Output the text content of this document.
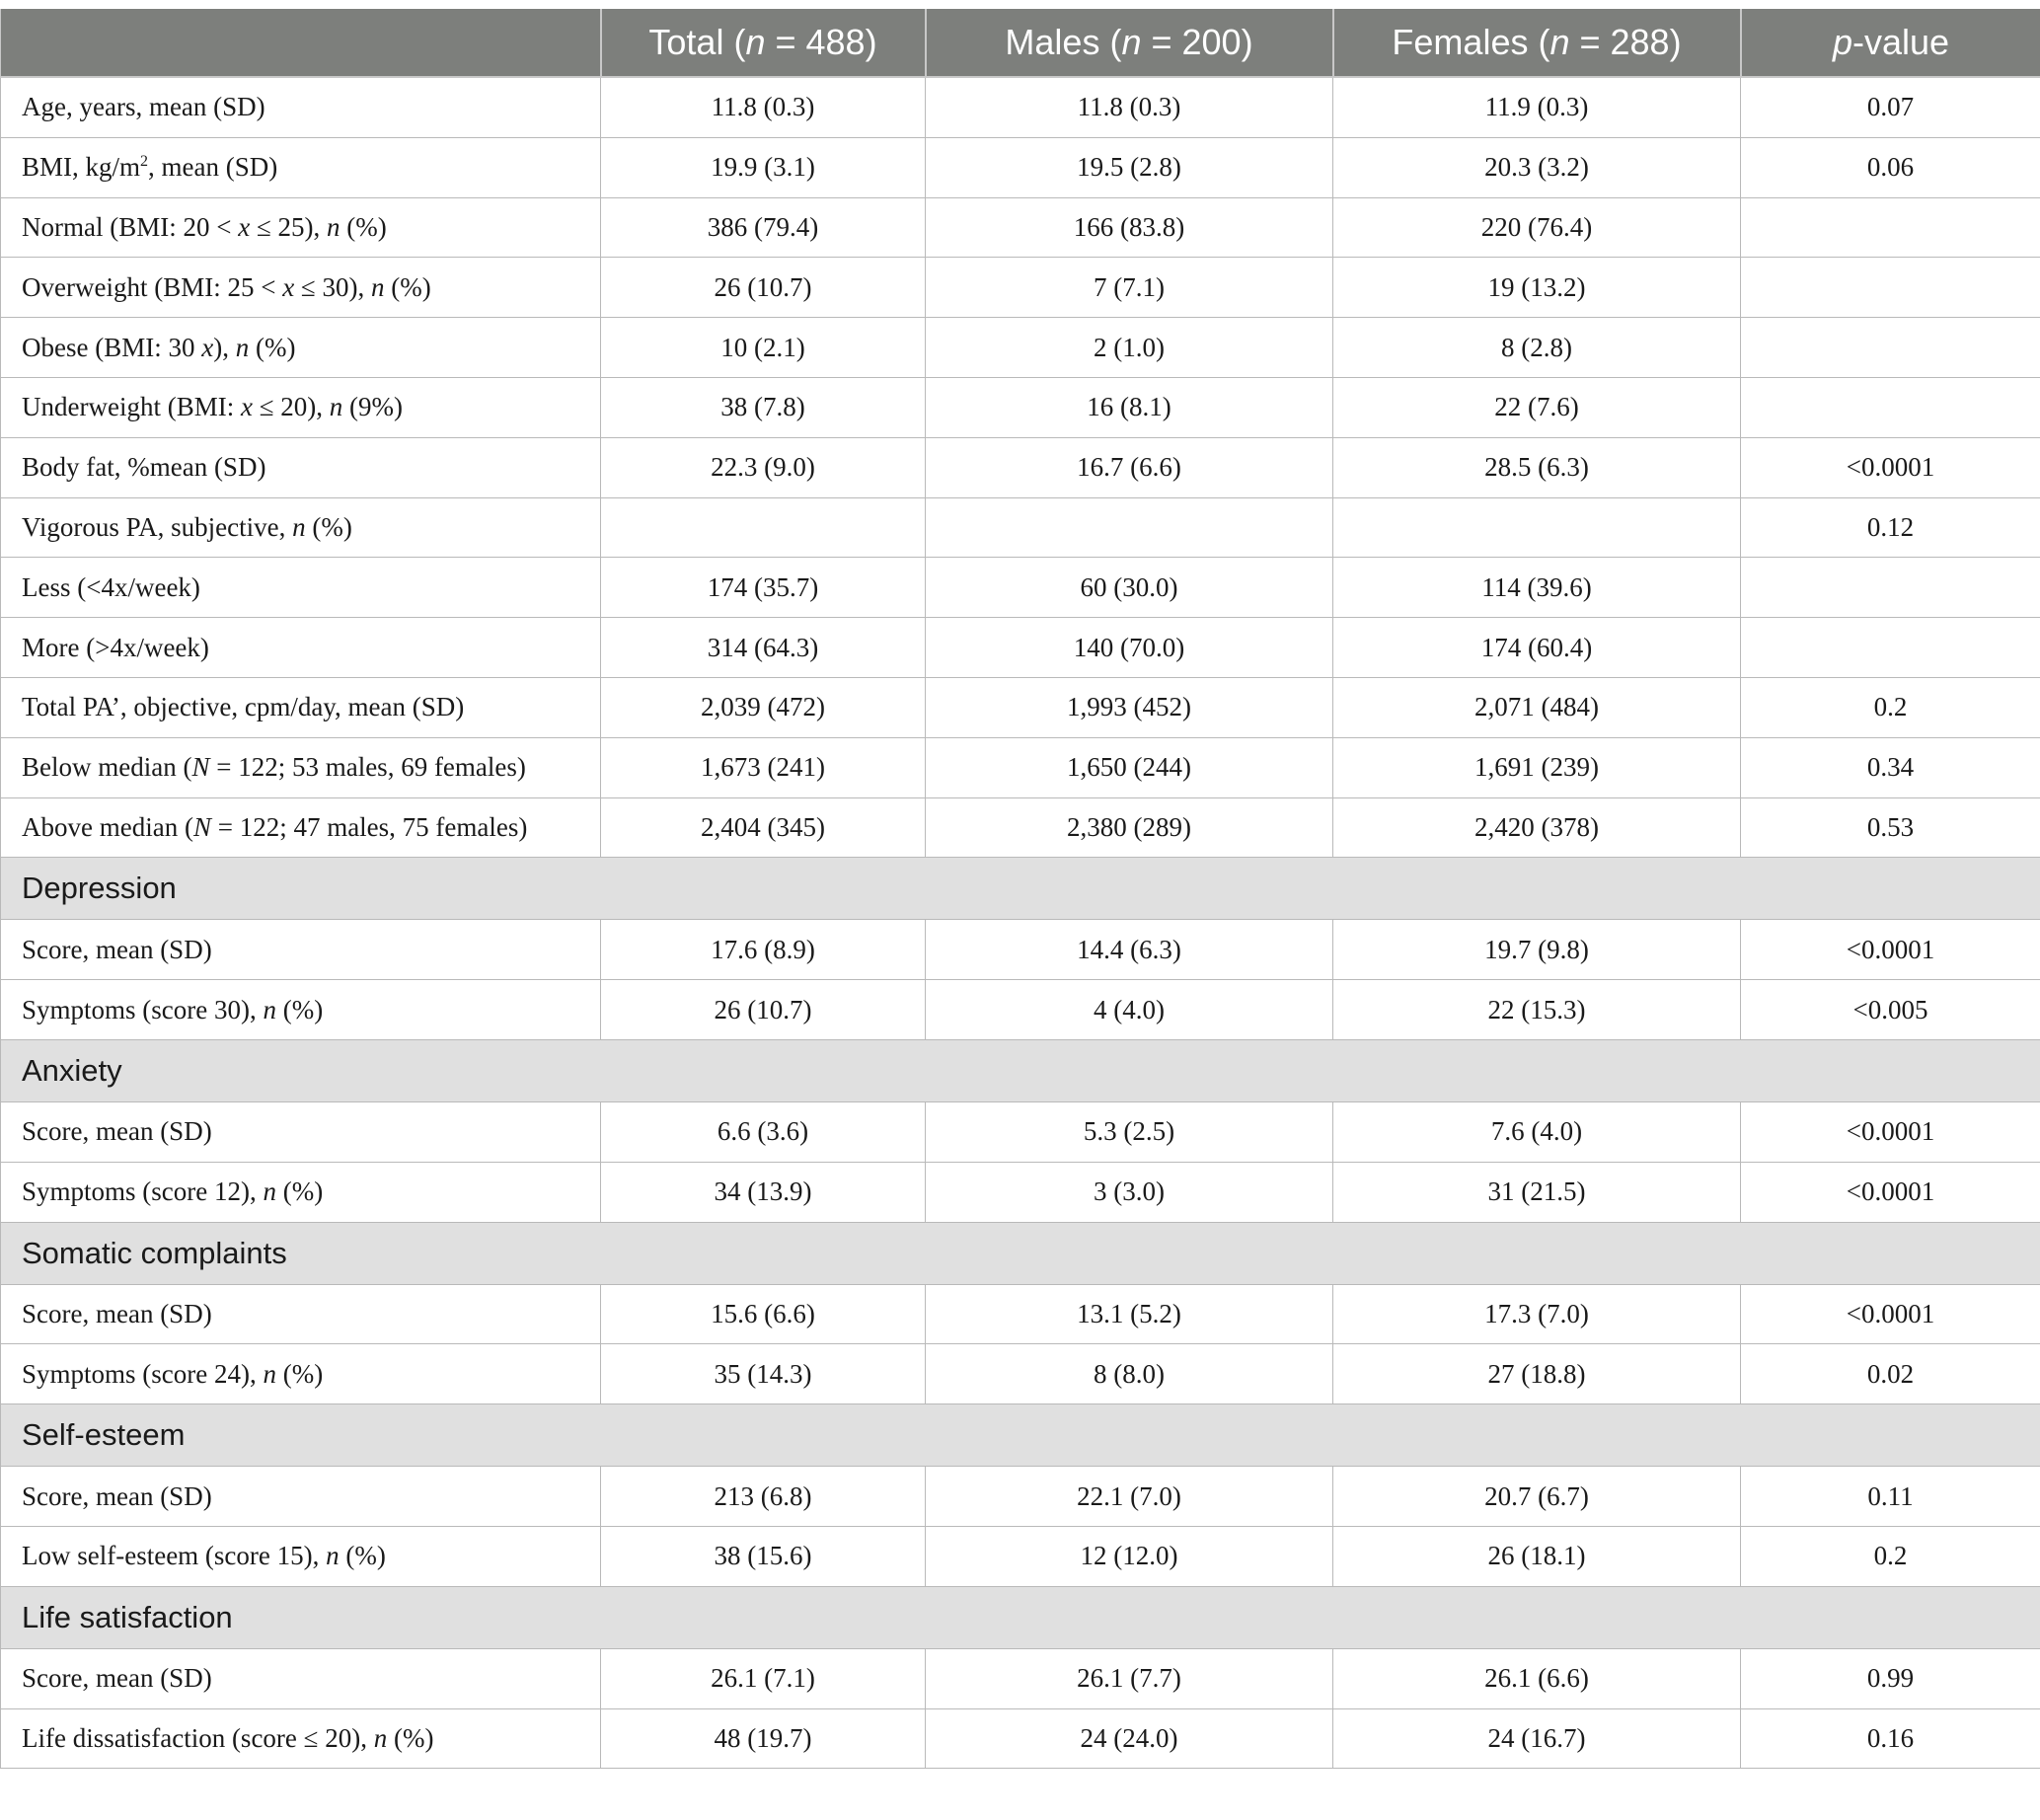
	Total (n = 488)	Males (n = 200)	Females (n = 288)	p-value
Age, years, mean (SD)	11.8 (0.3)	11.8 (0.3)	11.9 (0.3)	0.07
BMI, $kg/m^2$, mean (SD)	19.9 (3.1)	19.5 (2.8)	20.3 (3.2)	0.06
Normal (BMI: 20 < x ≤ 25), n (%)	386 (79.4)	166 (83.8)	220 (76.4)	
Overweight (BMI: 25 < x ≤ 30), n (%)	26 (10.7)	7 (7.1)	19 (13.2)	
Obese (BMI: 30 x), n (%)	10 (2.1)	2 (1.0)	8 (2.8)	
Underweight (BMI: x ≤ 20), n (9%)	38 (7.8)	16 (8.1)	22 (7.6)	
Body fat, %mean (SD)	22.3 (9.0)	16.7 (6.6)	28.5 (6.3)	<0.0001
Vigorous PA, subjective, n (%)				0.12
Less (<4x/week)	174 (35.7)	60 (30.0)	114 (39.6)	
More (>4x/week)	314 (64.3)	140 (70.0)	174 (60.4)	
Total PA’, objective, cpm/day, mean (SD)	2,039 (472)	1,993 (452)	2,071 (484)	0.2
Below median (N = 122; 53 males, 69 females)	1,673 (241)	1,650 (244)	1,691 (239)	0.34
Above median (N = 122; 47 males, 75 females)	2,404 (345)	2,380 (289)	2,420 (378)	0.53
Depression				
Score, mean (SD)	17.6 (8.9)	14.4 (6.3)	19.7 (9.8)	<0.0001
Symptoms (score 30), n (%)	26 (10.7)	4 (4.0)	22 (15.3)	<0.005
Anxiety				
Score, mean (SD)	6.6 (3.6)	5.3 (2.5)	7.6 (4.0)	<0.0001
Symptoms (score 12), n (%)	34 (13.9)	3 (3.0)	31 (21.5)	<0.0001
Somatic complaints				
Score, mean (SD)	15.6 (6.6)	13.1 (5.2)	17.3 (7.0)	<0.0001
Symptoms (score 24), n (%)	35 (14.3)	8 (8.0)	27 (18.8)	0.02
Self-esteem				
Score, mean (SD)	213 (6.8)	22.1 (7.0)	20.7 (6.7)	0.11
Low self-esteem (score 15), n (%)	38 (15.6)	12 (12.0)	26 (18.1)	0.2
Life satisfaction				
Score, mean (SD)	26.1 (7.1)	26.1 (7.7)	26.1 (6.6)	0.99
Life dissatisfaction (score ≤ 20), n (%)	48 (19.7)	24 (24.0)	24 (16.7)	0.16
